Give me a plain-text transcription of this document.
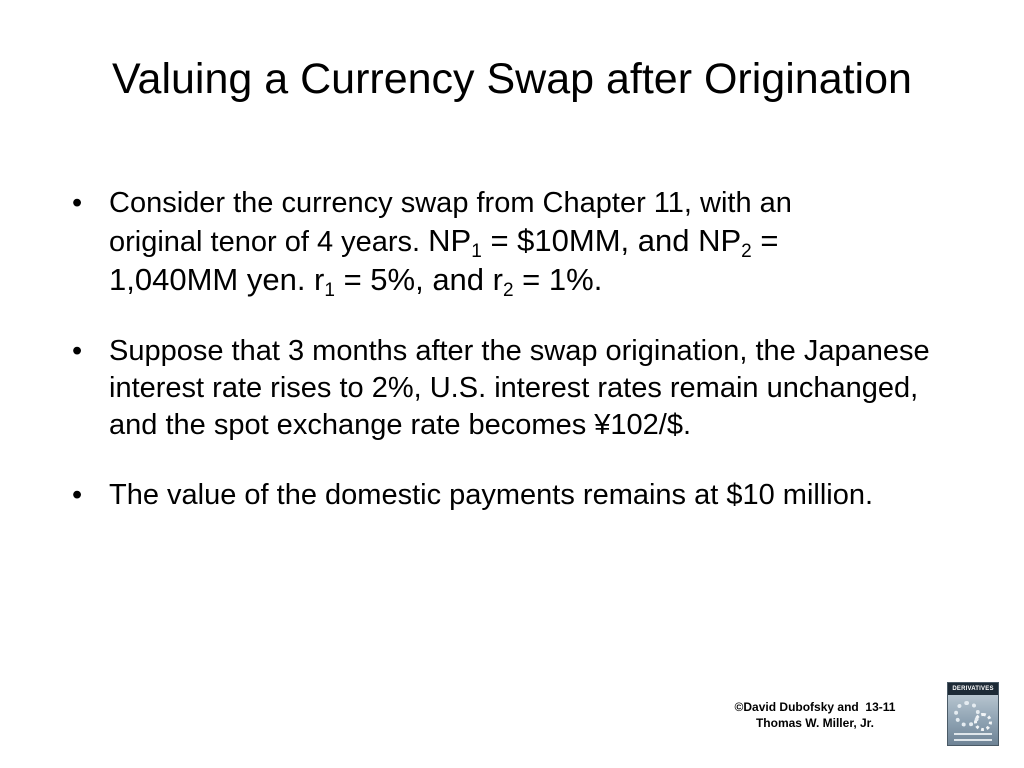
Valuing a Currency Swap after Origination
• Consider the currency swap from Chapter 11, with an
original tenor of 4 years. $NP_1$ = $10MM, and $NP_2$ =
1,040MM yen. $r_1 = 5\%$, and $r_2 = 1\%$.
• Suppose that 3 months after the swap origination, the Japanese interest rate rises to 2%, U.S. interest rates remain unchanged, and the spot exchange rate becomes ¥102/$.
• The value of the domestic payments remains at $10 million.
©David Dubofsky and  13-11
Thomas W. Miller, Jr.
DERIVATIVES
